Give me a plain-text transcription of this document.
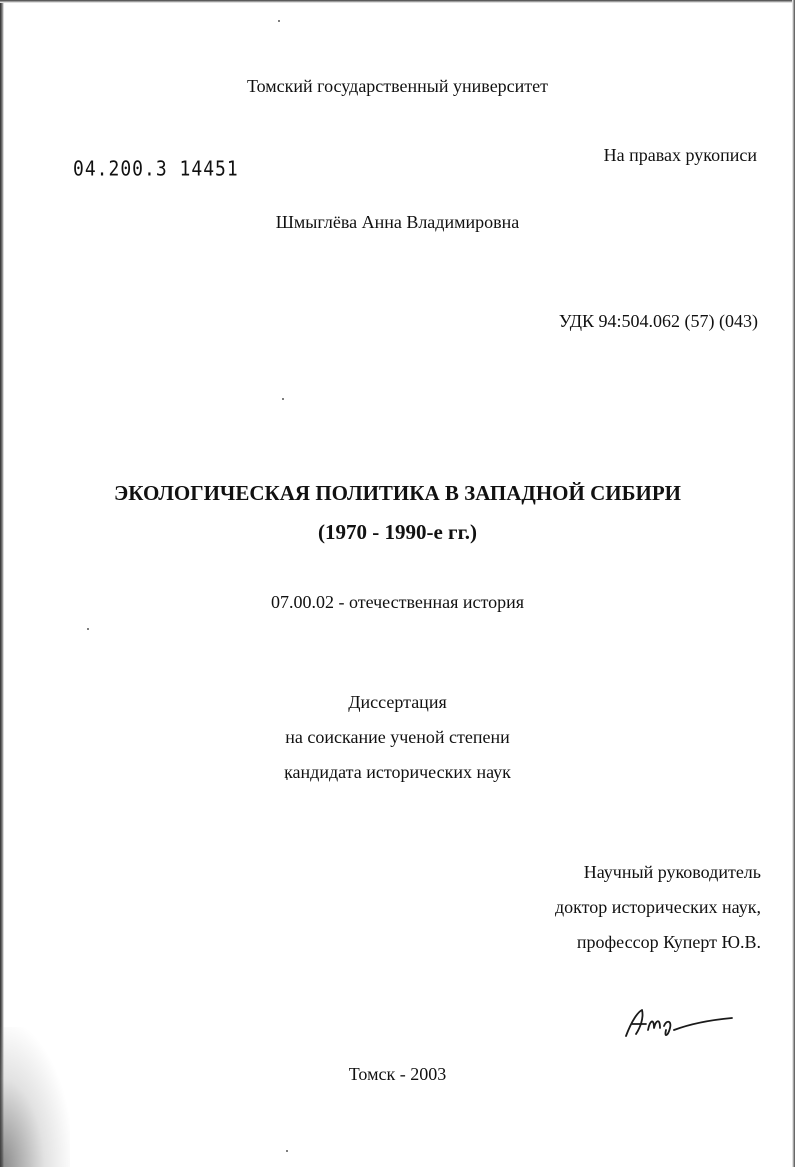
Томский государственный университет
04.200.3 14451
На правах рукописи
Шмыглёва Анна Владимировна
УДК 94:504.062 (57) (043)
ЭКОЛОГИЧЕСКАЯ ПОЛИТИКА В ЗАПАДНОЙ СИБИРИ
(1970 - 1990-е гг.)
07.00.02 - отечественная история
Диссертация
на соискание ученой степени
кандидата исторических наук
Научный руководитель
доктор исторических наук,
профессор Куперт Ю.В.
Томск - 2003
